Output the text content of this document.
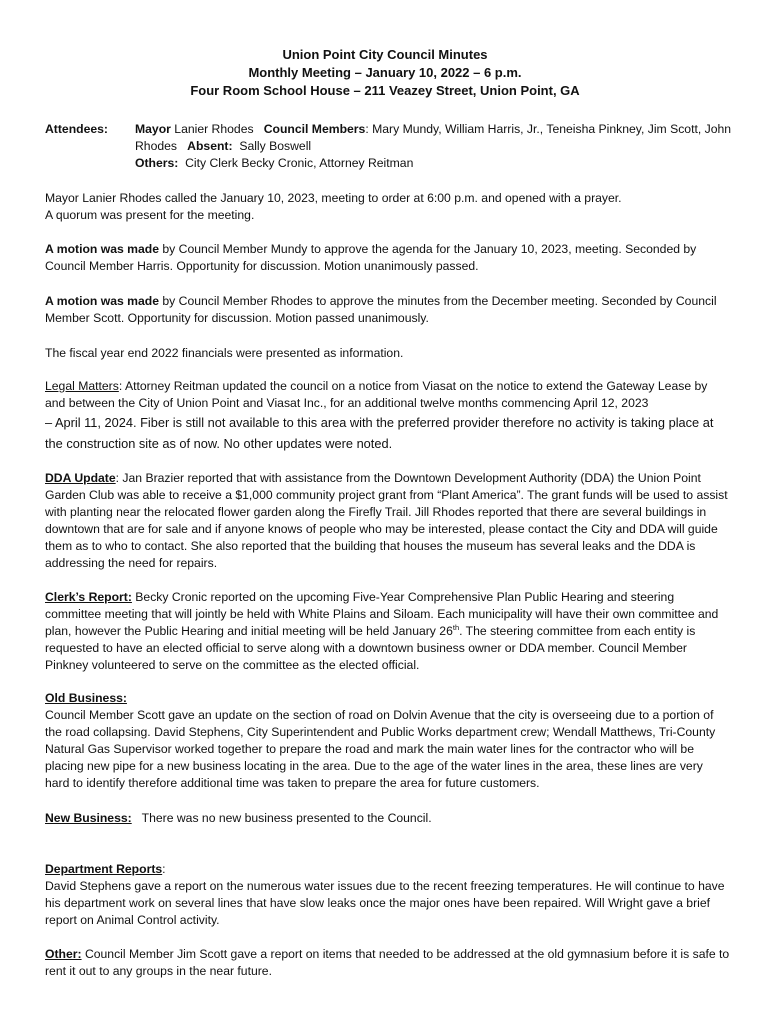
Union Point City Council Minutes
Monthly Meeting – January 10, 2022 – 6 p.m.
Four Room School House – 211 Veazey Street, Union Point, GA
Attendees: Mayor Lanier Rhodes   Council Members: Mary Mundy, William Harris, Jr., Teneisha Pinkney, Jim Scott, John Rhodes   Absent:  Sally Boswell
Others:  City Clerk Becky Cronic, Attorney Reitman
Mayor Lanier Rhodes called the January 10, 2023, meeting to order at 6:00 p.m. and opened with a prayer.
A quorum was present for the meeting.

A motion was made by Council Member Mundy to approve the agenda for the January 10, 2023, meeting. Seconded by Council Member Harris. Opportunity for discussion. Motion unanimously passed.

A motion was made by Council Member Rhodes to approve the minutes from the December meeting. Seconded by Council Member Scott. Opportunity for discussion. Motion passed unanimously.

The fiscal year end 2022 financials were presented as information.

Legal Matters: Attorney Reitman updated the council on a notice from Viasat on the notice to extend the Gateway Lease by and between the City of Union Point and Viasat Inc., for an additional twelve months commencing April 12, 2023
– April 11, 2024. Fiber is still not available to this area with the preferred provider therefore no activity is taking place at the construction site as of now. No other updates were noted.

DDA Update: Jan Brazier reported that with assistance from the Downtown Development Authority (DDA) the Union Point Garden Club was able to receive a $1,000 community project grant from “Plant America”. The grant funds will be used to assist with planting near the relocated flower garden along the Firefly Trail. Jill Rhodes reported that there are several buildings in downtown that are for sale and if anyone knows of people who may be interested, please contact the City and DDA will guide them as to who to contact. She also reported that the building that houses the museum has several leaks and the DDA is addressing the need for repairs.

Clerk’s Report: Becky Cronic reported on the upcoming Five-Year Comprehensive Plan Public Hearing and steering committee meeting that will jointly be held with White Plains and Siloam. Each municipality will have their own committee and plan, however the Public Hearing and initial meeting will be held January 26th. The steering committee from each entity is requested to have an elected official to serve along with a downtown business owner or DDA member. Council Member Pinkney volunteered to serve on the committee as the elected official.

Old Business:
Council Member Scott gave an update on the section of road on Dolvin Avenue that the city is overseeing due to a portion of the road collapsing. David Stephens, City Superintendent and Public Works department crew; Wendall Matthews, Tri-County Natural Gas Supervisor worked together to prepare the road and mark the main water lines for the contractor who will be placing new pipe for a new business locating in the area. Due to the age of the water lines in the area, these lines are very hard to identify therefore additional time was taken to prepare the area for future customers.

New Business:   There was no new business presented to the Council.

Department Reports:
David Stephens gave a report on the numerous water issues due to the recent freezing temperatures. He will continue to have his department work on several lines that have slow leaks once the major ones have been repaired. Will Wright gave a brief report on Animal Control activity.

Other: Council Member Jim Scott gave a report on items that needed to be addressed at the old gymnasium before it is safe to rent it out to any groups in the near future.
